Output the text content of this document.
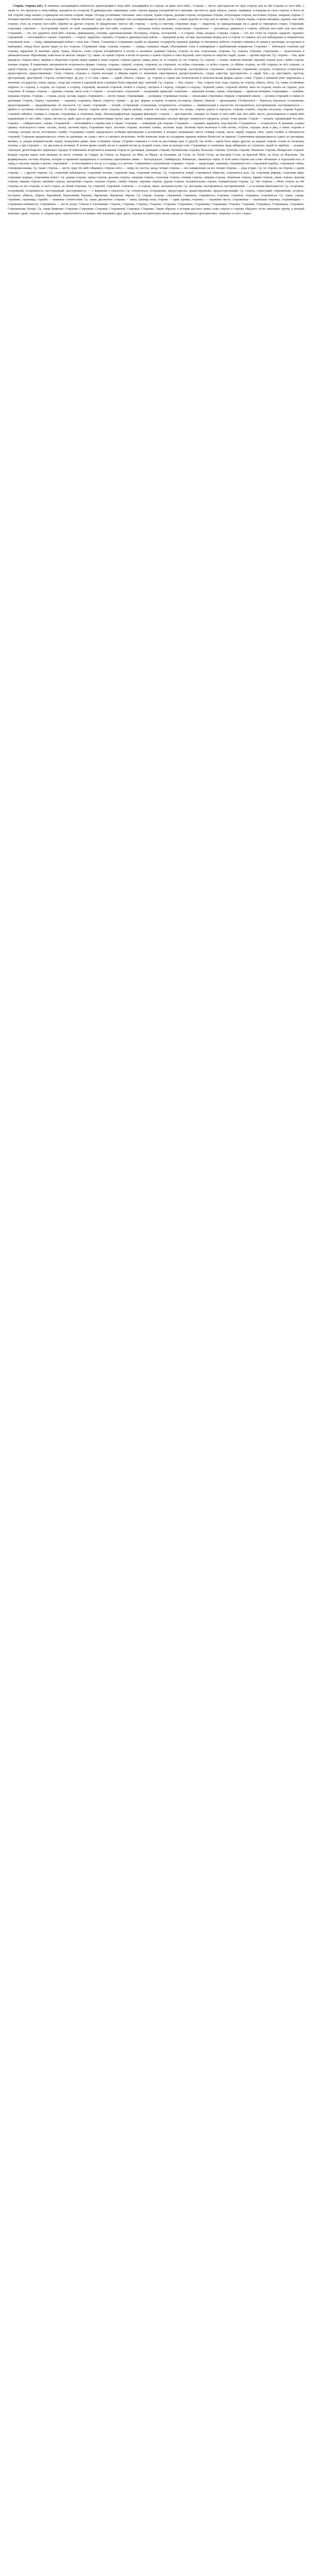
Сторож, сторожа (аб.). В значении «находящийся поблизости, прилегающий к чему-либо, находящийся на стороне, на краю чего-либо». Сторона — место, пространство по одну сторону или по обе стороны от чего-либо, а также то, что прилегает к чему-нибудь, находится по соседству. В древнерусских памятниках слово сторона нередко употребляется в значении «местность, край, область, земля», например: и поидоша въ свою сторону; и бысть въ той сторонѣ гладъ великъ; и приидоша изъ иныхъ сторонъ людие. Отсюда устойчивые сочетания: своя сторона, чужая сторона, дальняя сторона, полуденная сторона, полунощная сторона, восточная сторона, западная сторона. С течением времени значение слова расширяется: сторона обозначает одну из двух спорящих или договаривающихся групп, партию, а также родство по отцу или по матери. Ср. сторона отцова, сторона материна; держать чью-либо сторону; стать на сторону кого-либо; перейти на другую сторону. В юридических текстах обе стороны — истец и ответчик; сторонние люди — свидетели, не принадлежащие ни к одной из тяжущихся сторон. Сторонний, сторонняя, стороннее — посторонний, чужой, не свой, находящийся вне чего-либо; стороною — окольным путём, косвенно, понаслышке; сторониться — уклоняться, держаться в стороне, избегать кого-либо или чего-либо. Сторонник — тот, кто держится чьей-либо стороны, приверженец, союзник, единомышленник. Посторонь, сторонь, постороннѣ — в стороне, сбоку, поодаль. Сторожа, сторож — тот, кто стоит на стороне, караулит, охраняет; сторожевой — относящийся к охране; сторожить — стеречь, караулить, охранять. Сторожа в древнерусском войске — передовой дозор, застава, высылаемая вперёд или в сторону от главных сил для наблюдения за неприятелем; сторожевой полк — отряд, прикрывающий войско с тыла или с боков. Станичная и сторожевая служба на окраинах государства охраняла границы от внезапных набегов; сторожи ставились по рекам и урочищам, на курганах и переправах, откуда было далеко видно во все стороны. Сторожевые люди, сторожа, сторожи — отряды служилых людей, объезжавшие степь и извещавшие о приближении неприятеля. Сторожка — небольшое строение для сторожа, караульня. В значении «край, страна, область» слово сторона употребляется в песнях и сказаниях: родимая сторона, сторона ты моя, сторонушка, сторонка. Ср. сторона, сторонка, сторонушка — ласкательные и уменьшительные образования, известные во многих говорах. Ср. также: на чужой стороне и весна не красна; в чужой стороне и сокол вороной; своя сторона по шёрстке гладит, чужая — против шёрстки. Ср. сторона — бок, край предмета; сторона света; лицевая и оборотная сторона ткани; правая и левая сторона; сторона дороги, улицы, реки; по ту сторону, по эту сторону. Ср. сторона — аспект, свойство явления: хорошая сторона дела, слабая сторона, теневая сторона. В памятниках письменности встречаются формы: сторона, стороны, сторонѣ, сторону, стороною, въ сторонахъ, по всѣмъ сторонамъ, со всѣхъ сторонъ, съ обѣихъ сторонъ, на обѣ стороны, во всѣ стороны, съ одной стороны, съ другой стороны. Производные: сторонный, сторонский, сторонщина, сторонщик, посторонний, посторонок, настороже, насторожиться, стороженье, сторожение, стережение, устеречь, остеречься, остерегаться, предостерегать, предостережение. Слово сторона, сторожа и стеречь восходят к общему корню со значением «простираться, распространяться», откуда «простор, пространство» и «край, бок»; ср. простирать, простор, пространный, простёртый. Сторона соответствует др.-рус. и ст.-слав. страна — «край, область, страна»: ср. сторона и страна как полногласная и неполногласная формы одного слова. Страна в книжной речи закрепилась в значении «государство, земля, народ», тогда как сторона в народной речи сохранила более широкий круг значений. Ср. сторона — бок, страна — бок, сторона тела: подъ сторону, въ сторону, обапол, обочь. Ср. также устойчивые обороты: со стороны, в стороне, на стороне, в сторону, сторонкой, окольной стороной; отойти в сторону; смотреть в сторону; говорить в сторону; стороной узнать; стороной обойти; жить на стороне; искать на стороне; дело стороннее. В говорах: сторона — деревня, селение, часть села; в стороне — на выселках; сторонской — нездешний, пришлый; сторонник — пришлый человек, чужак; сторонщица — пришлая женщина; сторонщина — чужбина, неродная сторона. Сторожа — стража, дозор, застава, караул; сторожевать — нести стражу; сторожевщик — дозорщик; сторожевые головы — начальники сторожевых отрядов; сторожевой список — роспись сторожей и станиц по урочищам. Стеречь, стерегу, стережёшь — охранять, сторожить, беречь; стерегти, стрещи — др.-рус. формы; устеречи, остеречи, постеречи, сберечи, уберечи — производные. Остерегаться — беречься, опасаться; остережение, предостережение — предупреждение об опасности. Ср. также: сторожкий — чуткий, осторожный; осторожный, осторожность, осторожно — внимательный к опасности; насторожиться, настороженный, настороженность — прийти в состояние готовности, чуткости. В старых текстах: стеречи своея стороны, стеречи рубежа, стеречи отъ поля, стеречи отъ татаръ, стеречи дороги и перелазы; сторожи ставити, сторожи посылати, сторожи ѣздити, сторожей смѣняти; станицы и сторожи; сторожевые и станичные люди. Лексикографическая традиция фиксирует: сторона — пространство, лежащее по бокам от кого-либо или чего-либо; место, расположенное в каком-либо направлении от чего-либо; страна, местность, край; одна из двух противостоящих групп; одна из линий, ограничивающих плоскую фигуру; поверхность предмета; аспект, точка зрения. Сторож — человек, охраняющий что-либо; сторожа — собирательное, стража. Сторожевой — относящийся к сторожу или к стражe. Сторожка — помещение для сторожа. Сторожить — охранять, караулить; подстерегать. Сторожиться — остерегаться. В значении «охрана границ» используется также: застава, засека, засечная черта, сторожевая черта, засечные сторожа, засечные головы, засечные люди. Засечная черта включала в себя засеки, остроги, городки, валы и рвы, а также сторожи и станицы, которые несли постоянную службу. Сторожевая служба определялась особыми приговорами и росписями, в которых указывались места стояния сторож, число людей, порядок смен, сроки службы и обязанности сторожей. Сторожам предписывалось стоять на урочищах, не сходя с мест, и смотреть неоплошно, чтобы воинские люди на государевы украины войною безвестно не пришли. Станичникам предписывалось ездить по урочищам, меняясь, и, увидев неприятельских людей, немедленно давать знать в ближние города. Сторожи ставились в степи на расстоянии одна от другой, так чтобы с одной было видно другую; на каждой сторожe стояли по нескольку человек, а при сторожах — по два коня на человека. В летнее время службу несли от ранней весны до поздней осени, пока не выпадет снег. Сторожевые и станичные люди набирались из служилых людей по прибору — казаков, стрельцов, детей боярских украинных городов. В памятниках встречаются названия сторож по урочищам: Донецкие сторожи, Путивльские сторожи, Рыльские сторожи, Тульские сторожи, Рязанские сторожи, Мещерские сторожи. Каждая сторожа имела своё название по месту стояния: на Самаре, на Осколе, на Ворсклe, на Мже, на Мерле, на Коломаке, на Сосне, на Тихой Сосне, на Быстрой Сосне, на Красной Мече, на Дону, на Воронеже. Так формировалась система обороны, которая со временем превратилась в сплошные укреплённые линии — Белгородскую, Симбирскую, Изюмскую, Закамскую черты. В этой связи сторожа как слово обозначает и отдельный пост, и отряд, и систему охраны в целом; сторожевой — и относящийся к посту, и к отряду, и к системе. Современное употребление сохраняет: сторож — караульщик, охранник; сторожевой пост, сторожевой корабль, сторожевая собака, сторожевая вышка. Ср. также: сторона — место, куда что-либо обращено; сторона света — север, юг, восток, запад; четыре стороны — все направления; на все четыре стороны — куда угодно. Ср. по стороне, на стороне, с одной стороны — с другой стороны. Ср. сторонний наблюдатель, сторонний человек, сторонние лица, сторонняя помощь. Ср. сторониться людей, сторониться общества, сторониться дела. Ср. сторонник реформ, сторонник мира, сторонник порядка, сторонники нового. Ср. родная сторона, чужая сторона, дальняя сторона, северная сторона, солнечная сторона, теневая сторона, лицевая сторона, оборотная сторона, правая сторона, левая сторона, верхняя сторона, нижняя сторона, внешняя сторона, внутренняя сторона, сильная сторона, слабая сторона, хорошая сторона, дурная сторона, положительная сторона, отрицательная сторона. Ср. обе стороны, с обеих сторон, на обе стороны, во все стороны, со всех сторон, по обеим сторонам. Ср. стороной, сторонкой, стороною — в стороне, мимо, окольным путём. Ср. настороже, насторожиться, настороженный — в состоянии бдительности. Ср. осторожно, осторожный, осторожность, неосторожный, неосторожность — о внимании к опасности. Ср. остерегаться, остережение, предостерегать, предостережение, предостерегающий. Ср. стеречь, стерегущий, стережённый, устеречь, постеречь, уберечь, сберечь, бережёный, бережливый, бережно, бережение, береженье, бережь. Ср. сторож, сторожа, сторожевой, сторожить, сторожиться, сторожка, сторожок, сторожиха, сторожиться. Ср. страж, стража, стражник, стражница, стражба — книжные соответствия. Ср. также диалектное: стóрожа — межа, граница поля; сторожá — край, кромка; сторóжье — стражевое место; сторожéнька — маленькая сторожка; сторожéвщина — сторожевая повинность; сторожевáть — нести дозор. Сторона в топонимике: Сторона, Сторонка, Стороны, Сторонье, Сторонки, Сторожевое, Сторожевка, Сторожевая, Сторожи, Сторожня, Сторожиха, Сторожинец, Сторожево, Сторожевские Хутора. Ср. также фамилии: Сторонин, Сторонкин, Сторожев, Сторожевой, Сторожук, Сторожко. Таким образом, в истории русского языка слова сторона и сторожа образуют тесно связанную группу, в которой значения «край, сторона» и «охрана края» переплетаются и взаимно обусловливают друг друга, отражая историческую жизнь народа на обширных пространствах, открытых со всех сторон.
